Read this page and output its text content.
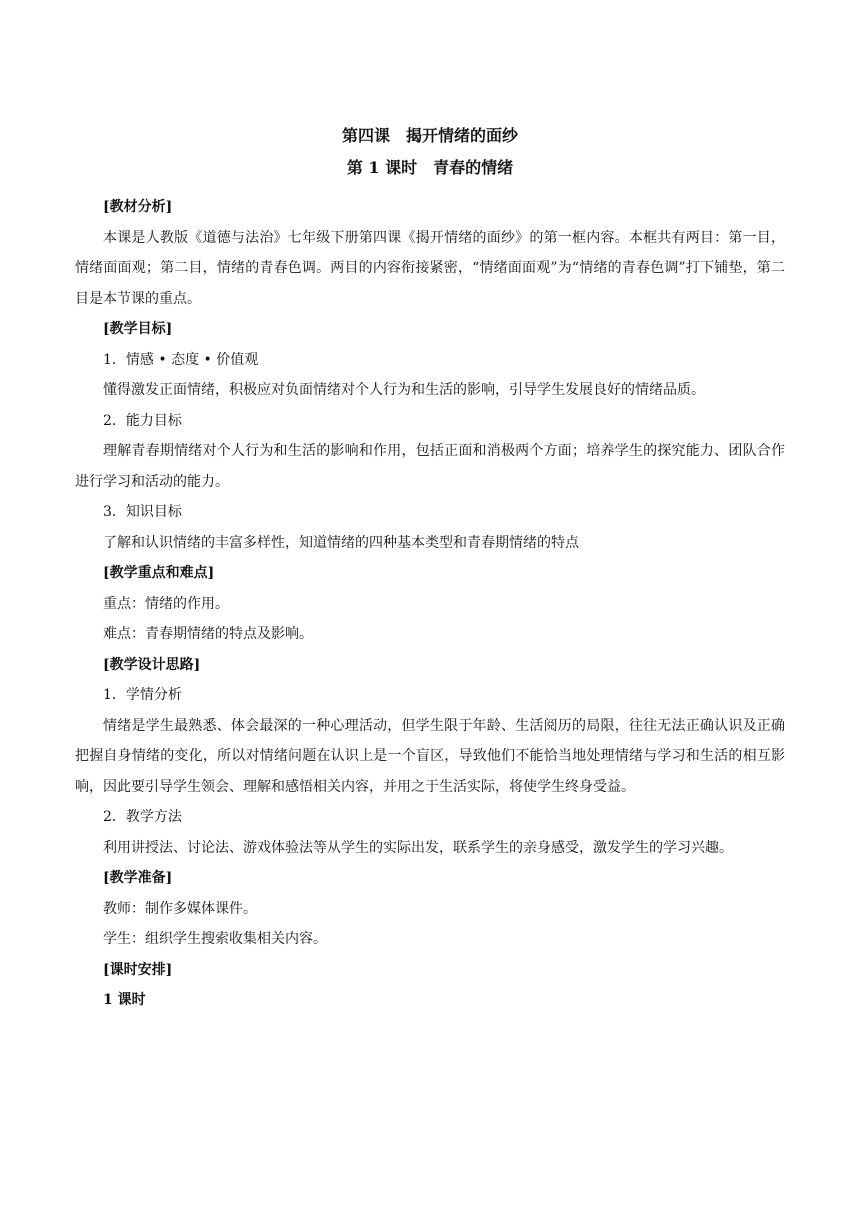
第四课　揭开情绪的面纱

第 1 课时　青春的情绪

[教材分析]

本课是人教版《道德与法治》七年级下册第四课《揭开情绪的面纱》的第一框内容。本框共有两目：第一目，情绪面面观；第二目，情绪的青春色调。两目的内容衔接紧密，“情绪面面观”为“情绪的青春色调”打下铺垫，第二目是本节课的重点。

[教学目标]

1．情感 • 态度 • 价值观

懂得激发正面情绪，积极应对负面情绪对个人行为和生活的影响，引导学生发展良好的情绪品质。

2．能力目标

理解青春期情绪对个人行为和生活的影响和作用，包括正面和消极两个方面；培养学生的探究能力、团队合作进行学习和活动的能力。

3．知识目标

了解和认识情绪的丰富多样性，知道情绪的四种基本类型和青春期情绪的特点

[教学重点和难点]

重点：情绪的作用。

难点：青春期情绪的特点及影响。

[教学设计思路]

1．学情分析

情绪是学生最熟悉、体会最深的一种心理活动，但学生限于年龄、生活阅历的局限，往往无法正确认识及正确把握自身情绪的变化，所以对情绪问题在认识上是一个盲区，导致他们不能恰当地处理情绪与学习和生活的相互影响，因此要引导学生领会、理解和感悟相关内容，并用之于生活实际，将使学生终身受益。

2．教学方法

利用讲授法、讨论法、游戏体验法等从学生的实际出发，联系学生的亲身感受，激发学生的学习兴趣。

[教学准备]

教师：制作多媒体课件。

学生：组织学生搜索收集相关内容。

[课时安排]

1 课时
